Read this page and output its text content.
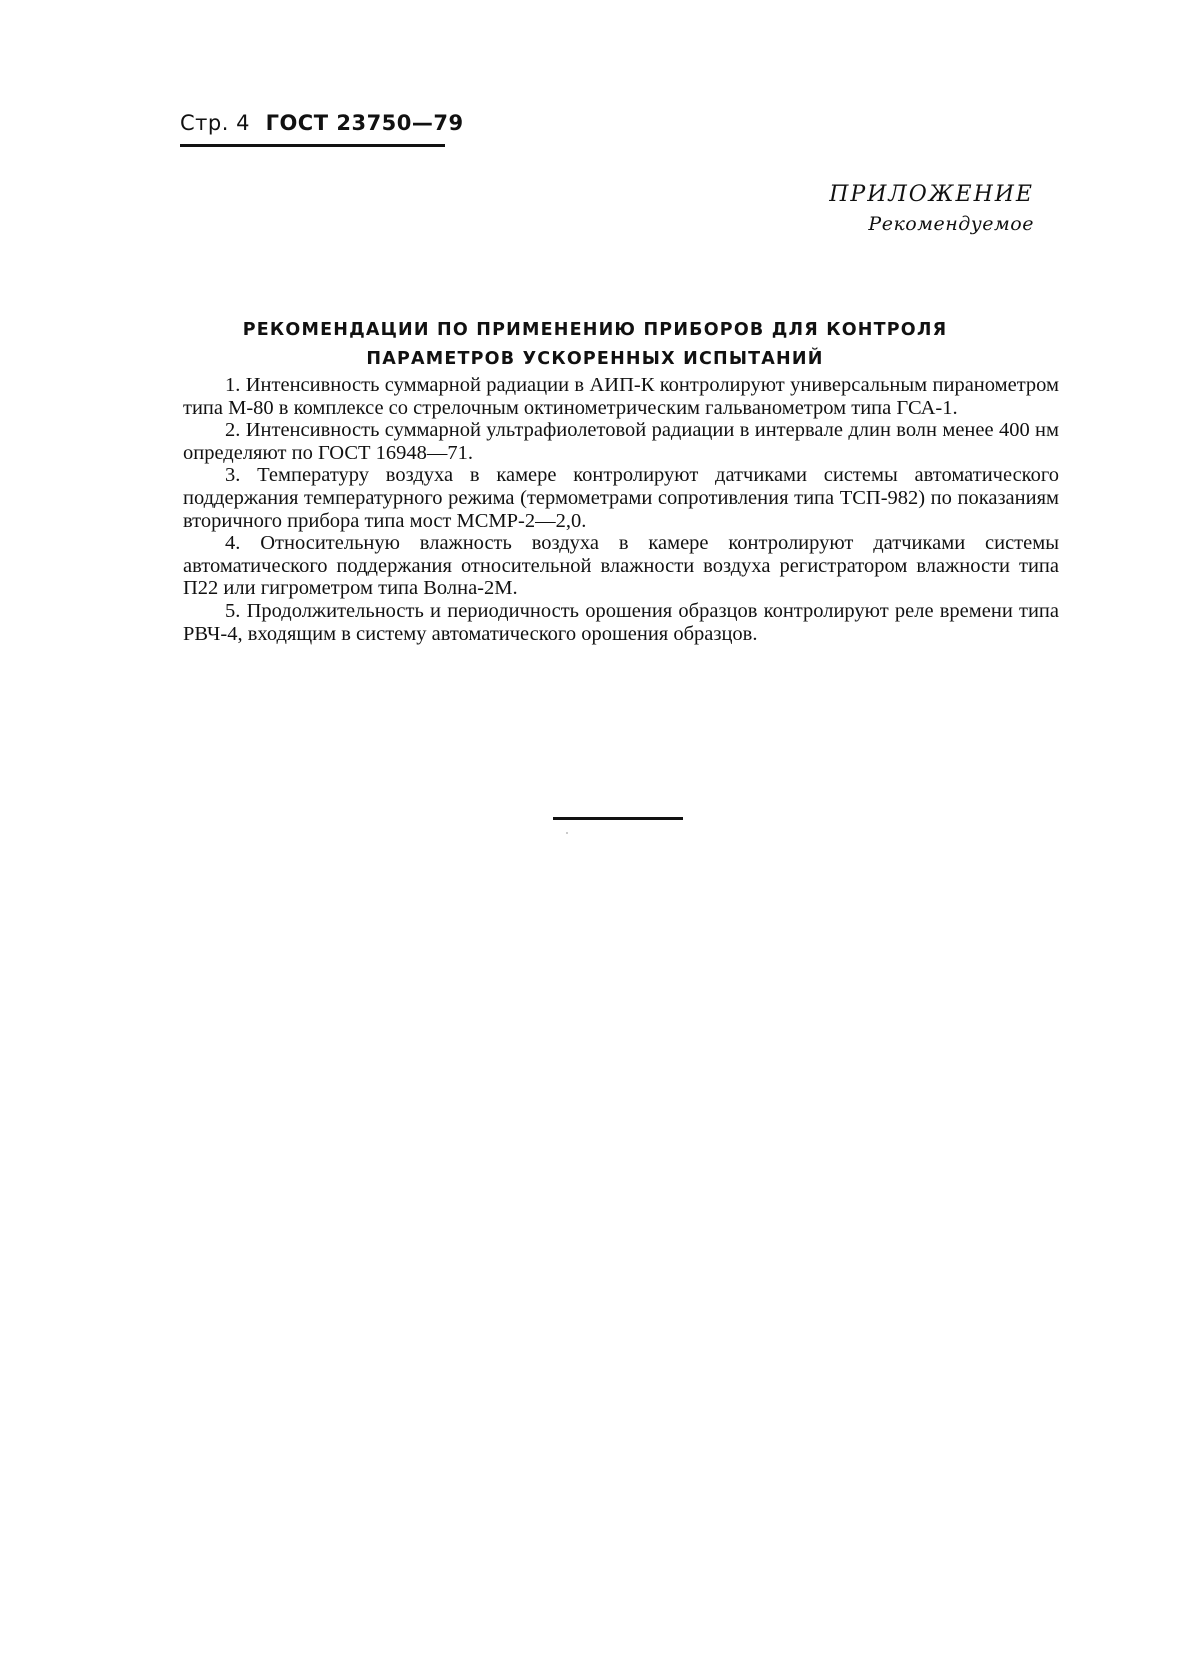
Стр. 4 ГОСТ 23750—79
ПРИЛОЖЕНИЕ
Рекомендуемое
РЕКОМЕНДАЦИИ ПО ПРИМЕНЕНИЮ ПРИБОРОВ ДЛЯ КОНТРОЛЯ
ПАРАМЕТРОВ УСКОРЕННЫХ ИСПЫТАНИЙ

1. Интенсивность суммарной радиации в АИП-К контролируют универсальным пиранометром типа М-80 в комплексе со стрелочным октинометрическим гальванометром типа ГСА-1.

2. Интенсивность суммарной ультрафиолетовой радиации в интервале длин волн менее 400 нм определяют по ГОСТ 16948—71.

3. Температуру воздуха в камере контролируют датчиками системы автоматического поддержания температурного режима (термометрами сопротивления типа ТСП-982) по показаниям вторичного прибора типа мост МСМР-2—2,0.

4. Относительную влажность воздуха в камере контролируют датчиками системы автоматического поддержания относительной влажности воздуха регистратором влажности типа П22 или гигрометром типа Волна-2М.

5. Продолжительность и периодичность орошения образцов контролируют реле времени типа РВЧ-4, входящим в систему автоматического орошения образцов.
